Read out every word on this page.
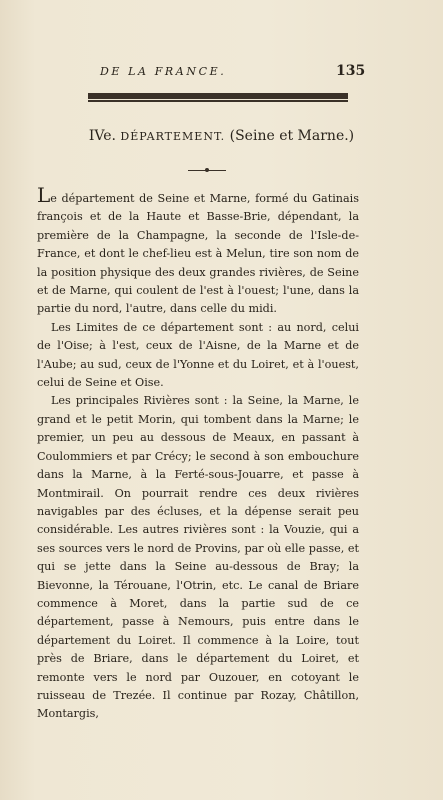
DE LA FRANCE.	135
IVe. DÉPARTEMENT. (Seine et Marne.)

Le département de Seine et Marne, formé du Gatinais françois et de la Haute et Basse-Brie, dépendant, la première de la Champagne, la seconde de l'Isle-de-France, et dont le chef-lieu est à Melun, tire son nom de la position physique des deux grandes rivières, de Seine et de Marne, qui coulent de l'est à l'ouest; l'une, dans la partie du nord, l'autre, dans celle du midi.

Les Limites de ce département sont : au nord, celui de l'Oise; à l'est, ceux de l'Aisne, de la Marne et de l'Aube; au sud, ceux de l'Yonne et du Loiret, et à l'ouest, celui de Seine et Oise.

Les principales Rivières sont : la Seine, la Marne, le grand et le petit Morin, qui tombent dans la Marne; le premier, un peu au dessous de Meaux, en passant à Coulommiers et par Crécy; le second à son embouchure dans la Marne, à la Ferté-sous-Jouarre, et passe à Montmirail. On pourrait rendre ces deux rivières navigables par des écluses, et la dépense serait peu considérable. Les autres rivières sont : la Vouzie, qui a ses sources vers le nord de Provins, par où elle passe, et qui se jette dans la Seine au-dessous de Bray; la Bievonne, la Térouane, l'Otrin, etc. Le canal de Briare commence à Moret, dans la partie sud de ce département, passe à Nemours, puis entre dans le département du Loiret. Il commence à la Loire, tout près de Briare, dans le département du Loiret, et remonte vers le nord par Ouzouer, en cotoyant le ruisseau de Trezée. Il continue par Rozay, Châtillon, Montargis,
